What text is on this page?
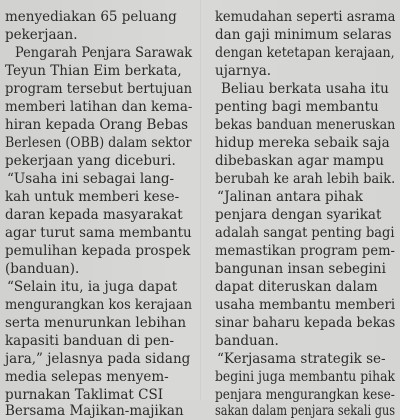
menyediakan 65 peluang
pekerjaan.
Pengarah Penjara Sarawak
Teyun Thian Eim berkata,
program tersebut bertujuan
memberi latihan dan kema-
hiran kepada Orang Bebas
Berlesen (OBB) dalam sektor
pekerjaan yang diceburi.
“Usaha ini sebagai lang-
kah untuk memberi kese-
daran kepada masyarakat
agar turut sama membantu
pemulihan kepada prospek
(banduan).
“Selain itu, ia juga dapat
mengurangkan kos kerajaan
serta menurunkan lebihan
kapasiti banduan di pen-
jara,” jelasnya pada sidang
media selepas menyem-
purnakan Taklimat CSI
Bersama Majikan-majikan
kemudahan seperti asrama
dan gaji minimum selaras
dengan ketetapan kerajaan,
ujarnya.
Beliau berkata usaha itu
penting bagi membantu
bekas banduan meneruskan
hidup mereka sebaik saja
dibebaskan agar mampu
berubah ke arah lebih baik.
“Jalinan antara pihak
penjara dengan syarikat
adalah sangat penting bagi
memastikan program pem-
bangunan insan sebegini
dapat diteruskan dalam
usaha membantu memberi
sinar baharu kepada bekas
banduan.
“Kerjasama strategik se-
begini juga membantu pihak
penjara mengurangkan kese-
sakan dalam penjara sekali gus
